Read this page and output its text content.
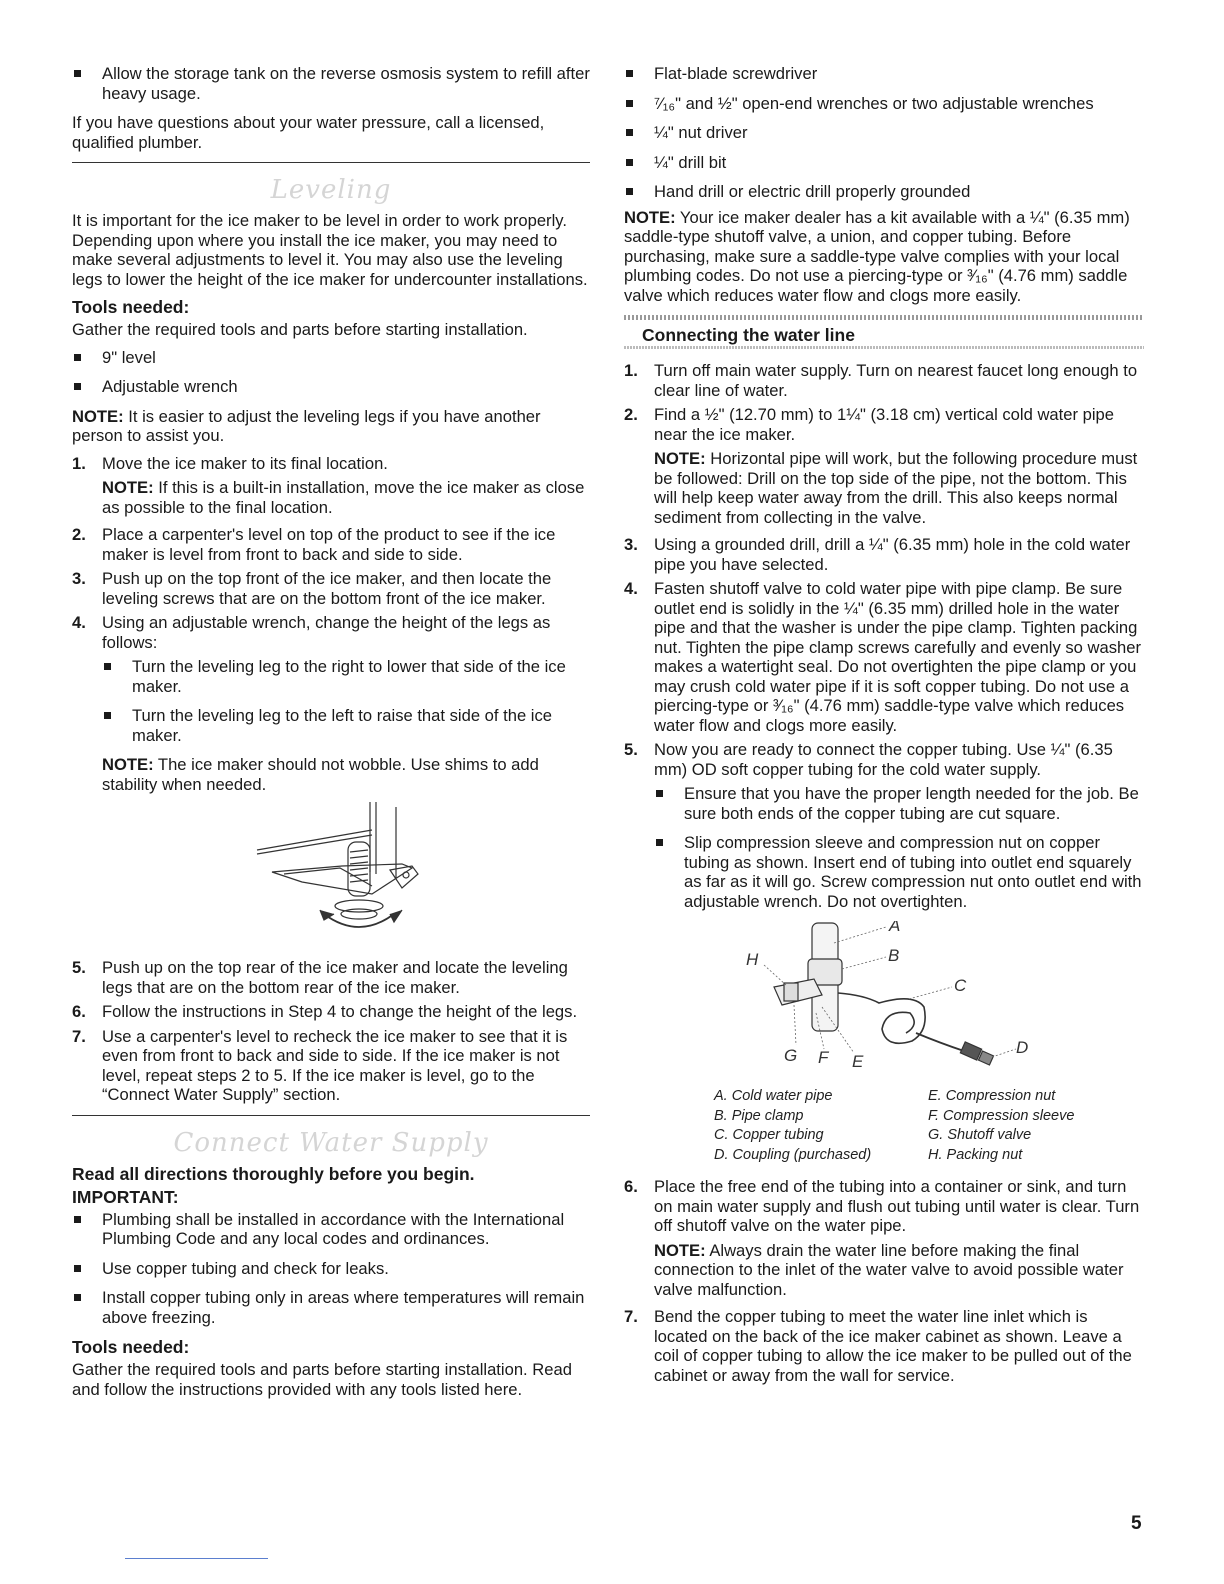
Allow the storage tank on the reverse osmosis system to refill after heavy usage.

If you have questions about your water pressure, call a licensed, qualified plumber.

Leveling

It is important for the ice maker to be level in order to work properly. Depending upon where you install the ice maker, you may need to make several adjustments to level it. You may also use the leveling legs to lower the height of the ice maker for undercounter installations.

Tools needed:

Gather the required tools and parts before starting installation.

9" level
Adjustable wrench

NOTE: It is easier to adjust the leveling legs if you have another person to assist you.

1. Move the ice maker to its final location.

NOTE: If this is a built-in installation, move the ice maker as close as possible to the final location.

2. Place a carpenter's level on top of the product to see if the ice maker is level from front to back and side to side.
3. Push up on the top front of the ice maker, and then locate the leveling screws that are on the bottom front of the ice maker.
4. Using an adjustable wrench, change the height of the legs as follows:
Turn the leveling leg to the right to lower that side of the ice maker.
Turn the leveling leg to the left to raise that side of the ice maker.

NOTE: The ice maker should not wobble. Use shims to add stability when needed.

5. Push up on the top rear of the ice maker and locate the leveling legs that are on the bottom rear of the ice maker.
6. Follow the instructions in Step 4 to change the height of the legs.
7. Use a carpenter's level to recheck the ice maker to see that it is even from front to back and side to side. If the ice maker is not level, repeat steps 2 to 5. If the ice maker is level, go to the “Connect Water Supply” section.
Connect Water Supply
Read all directions thoroughly before you begin.
IMPORTANT:
Plumbing shall be installed in accordance with the International Plumbing Code and any local codes and ordinances.
Use copper tubing and check for leaks.
Install copper tubing only in areas where temperatures will remain above freezing.
Tools needed:

Gather the required tools and parts before starting installation. Read and follow the instructions provided with any tools listed here.

Flat-blade screwdriver
⁷⁄₁₆" and ½" open-end wrenches or two adjustable wrenches
¼" nut driver
¼" drill bit
Hand drill or electric drill properly grounded

NOTE: Your ice maker dealer has a kit available with a ¼" (6.35 mm) saddle-type shutoff valve, a union, and copper tubing. Before purchasing, make sure a saddle-type valve complies with your local plumbing codes. Do not use a piercing-type or ³⁄₁₆" (4.76 mm) saddle valve which reduces water flow and clogs more easily.

Connecting the water line
1. Turn off main water supply. Turn on nearest faucet long enough to clear line of water.
2. Find a ½" (12.70 mm) to 1¼" (3.18 cm) vertical cold water pipe near the ice maker.

NOTE: Horizontal pipe will work, but the following procedure must be followed: Drill on the top side of the pipe, not the bottom. This will help keep water away from the drill. This also keeps normal sediment from collecting in the valve.

3. Using a grounded drill, drill a ¼" (6.35 mm) hole in the cold water pipe you have selected.
4. Fasten shutoff valve to cold water pipe with pipe clamp. Be sure outlet end is solidly in the ¼" (6.35 mm) drilled hole in the water pipe and that the washer is under the pipe clamp. Tighten packing nut. Tighten the pipe clamp screws carefully and evenly so washer makes a watertight seal. Do not overtighten the pipe clamp or you may crush cold water pipe if it is soft copper tubing. Do not use a piercing-type or ³⁄₁₆" (4.76 mm) saddle-type valve which reduces water flow and clogs more easily.
5. Now you are ready to connect the copper tubing. Use ¼" (6.35 mm) OD soft copper tubing for the cold water supply.
Ensure that you have the proper length needed for the job. Be sure both ends of the copper tubing are cut square.
Slip compression sleeve and compression nut on copper tubing as shown. Insert end of tubing into outlet end squarely as far as it will go. Screw compression nut onto outlet end with adjustable wrench. Do not overtighten.
A
B
C
D
E
F
G
H
A. Cold water pipe
B. Pipe clamp
C. Copper tubing
D. Coupling (purchased)
E. Compression nut
F. Compression sleeve
G. Shutoff valve
H. Packing nut
6. Place the free end of the tubing into a container or sink, and turn on main water supply and flush out tubing until water is clear. Turn off shutoff valve on the water pipe.

NOTE: Always drain the water line before making the final connection to the inlet of the water valve to avoid possible water valve malfunction.

7. Bend the copper tubing to meet the water line inlet which is located on the back of the ice maker cabinet as shown. Leave a coil of copper tubing to allow the ice maker to be pulled out of the cabinet or away from the wall for service.
5
